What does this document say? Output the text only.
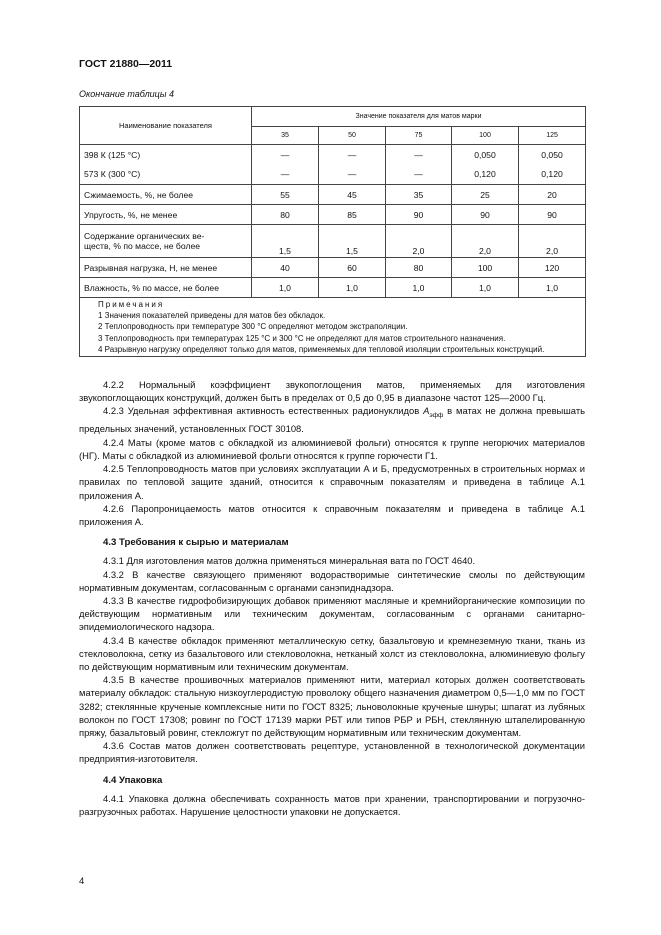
ГОСТ 21880—2011
Окончание таблицы 4
Наименование показателя	Значение показателя для матов марки				
	35	50	75	100	125
398 К (125 °С)	—	—	—	0,050	0,050
573 К (300 °С)	—	—	—	0,120	0,120
Сжимаемость, %, не более	55	45	35	25	20
Упругость, %, не менее	80	85	90	90	90

Содержание органических ве-
ществ, % по массе, не более	1,5	1,5	2,0	2,0	2,0
Разрывная нагрузка, Н, не менее	40	60	80	100	120
Влажность, % по массе, не более	1,0	1,0	1,0	1,0	1,0

Примечания
1 Значения показателей приведены для матов без обкладок.
2 Теплопроводность при температуре 300 °С определяют методом экстраполяции.
3 Теплопроводность при температурах 125 °С и 300 °С не определяют для матов строительного назначения.
4 Разрывную нагрузку определяют только для матов, применяемых для тепловой изоляции строительных конструкций.					

4.2.2 Нормальный коэффициент звукопоглощения матов, применяемых для изготовления звукопоглощающих конструкций, должен быть в пределах от 0,5 до 0,95 в диапазоне частот 125—2000 Гц.

4.2.3 Удельная эффективная активность естественных радионуклидов $A_{эфф}$ в матах не должна превышать предельных значений, установленных ГОСТ 30108.

4.2.4 Маты (кроме матов с обкладкой из алюминиевой фольги) относятся к группе негорючих материалов (НГ). Маты с обкладкой из алюминиевой фольги относятся к группе горючести Г1.

4.2.5 Теплопроводность матов при условиях эксплуатации А и Б, предусмотренных в строительных нормах и правилах по тепловой защите зданий, относится к справочным показателям и приведена в таблице А.1 приложения А.

4.2.6 Паропроницаемость матов относится к справочным показателям и приведена в таблице А.1 приложения А.

4.3 Требования к сырью и материалам

4.3.1 Для изготовления матов должна применяться минеральная вата по ГОСТ 4640.

4.3.2 В качестве связующего применяют водорастворимые синтетические смолы по действующим нормативным документам, согласованным с органами санэпиднадзора.

4.3.3 В качестве гидрофобизирующих добавок применяют масляные и кремнийорганические композиции по действующим нормативным или техническим документам, согласованным с органами санитарно-эпидемиологического надзора.

4.3.4 В качестве обкладок применяют металлическую сетку, базальтовую и кремнеземную ткани, ткань из стекловолокна, сетку из базальтового или стекловолокна, нетканый холст из стекловолокна, алюминиевую фольгу по действующим нормативным или техническим документам.

4.3.5 В качестве прошивочных материалов применяют нити, материал которых должен соответствовать материалу обкладок: стальную низкоуглеродистую проволоку общего назначения диаметром 0,5—1,0 мм по ГОСТ 3282; стеклянные крученые комплексные нити по ГОСТ 8325; льноволокные крученые шнуры; шпагат из лубяных волокон по ГОСТ 17308; ровинг по ГОСТ 17139 марки РБТ или типов РБР и РБН, стеклянную штапелированную пряжу, базальтовый ровинг, стекложгут по действующим нормативным или техническим документам.

4.3.6 Состав матов должен соответствовать рецептуре, установленной в технологической документации предприятия-изготовителя.

4.4 Упаковка

4.4.1 Упаковка должна обеспечивать сохранность матов при хранении, транспортировании и погрузочно-разгрузочных работах. Нарушение целостности упаковки не допускается.

4
